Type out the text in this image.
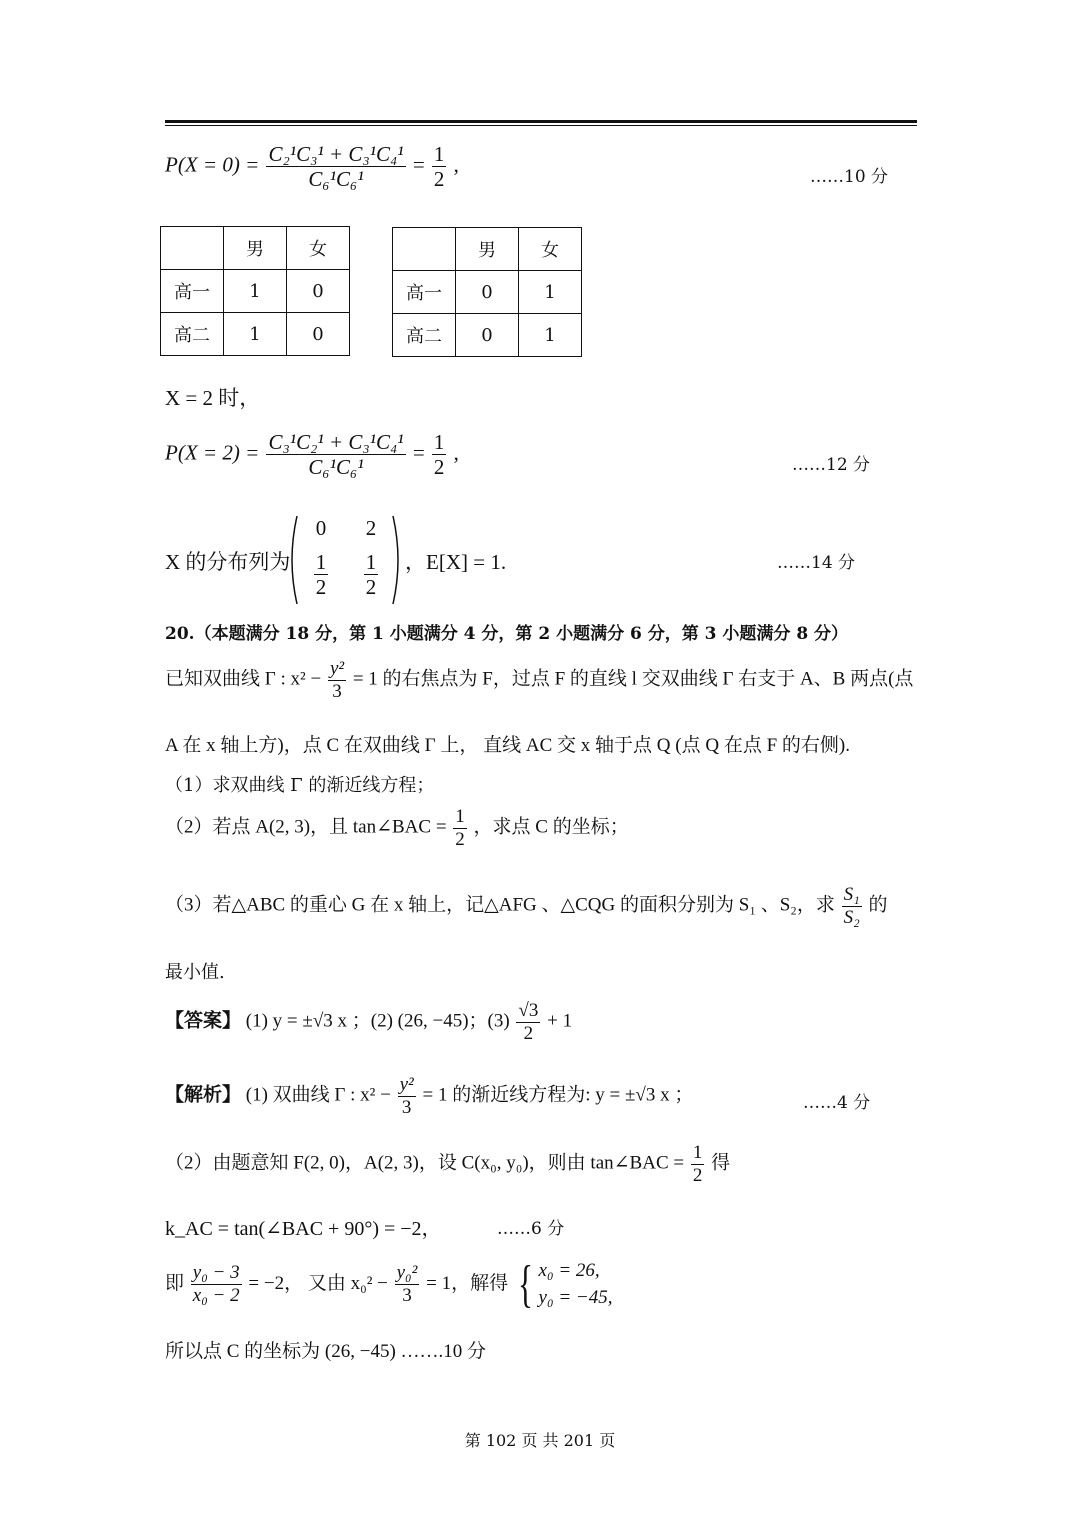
$P(X = 0) = \frac{\text{C₂¹C₃¹ + C₃¹C₄¹}}{\text{C₆¹C₆¹}} = \frac{1}{2}$ ,
……10 分
	男	女
高一	1	0
高二	1	0
	男	女
高一	0	1
高二	0	1
X = 2 时，
$P(X = 2) = \frac{\text{C₃¹C₂¹ + C₃¹C₄¹}}{\text{C₆¹C₆¹}} = \frac{1}{2}$ ,
……12 分
X 的分布列为
0	2
$\frac{1}{2} \frac{1}{2}$ ，E[X] = 1.	……14 分
20.（本题满分 18 分，第 1 小题满分 4 分，第 2 小题满分 6 分，第 3 小题满分 8 分）
已知双曲线 Γ : $x^2 - \frac{\text{y²}}{3} = 1$ 的右焦点为 F，过点 F 的直线 l 交双曲线 Γ 右支于 A、B 两点(点
A 在 x 轴上方)，点 C 在双曲线 Γ 上， 直线 AC 交 x 轴于点 Q (点 Q 在点 F 的右侧).
（1）求双曲线 Γ 的渐近线方程；
（2）若点 A(2, 3)，且 tan∠BAC = $\frac{1}{2}$ ，求点 C 的坐标；
（3）若△ABC 的重心 G 在 x 轴上，记△AFG 、△CQG 的面积分别为 S₁ 、S₂，求 $\frac{\text{S₁}}{\text{S₂}}$ 的
最小值.
【答案】 (1) y = ±√3 x ；(2) (26, −45)；$(3) \frac{√3}{2} + 1$
【解析】 (1) 双曲线 Γ : $x^2 - \frac{\text{y²}}{3} = 1$ 的渐近线方程为: y = ±√3 x ；	……4 分
（2）由题意知 F(2, 0)，A(2, 3)，设 C(x₀, y₀)，则由 tan∠BAC = $\frac{1}{2}$ 得
k_AC = tan(∠BAC + 90°) = −2，	……6 分
即 $\frac{\text{y₀ − 3}}{\text{x₀ − 2}} = -2$， 又由 $x_0^2 - \frac{\text{y₀²}}{3} = 1$，解得 { x₀ = 26,
y₀ = −45,
所以点 C 的坐标为 (26, −45) …….10 分
第 102 页 共 201 页
